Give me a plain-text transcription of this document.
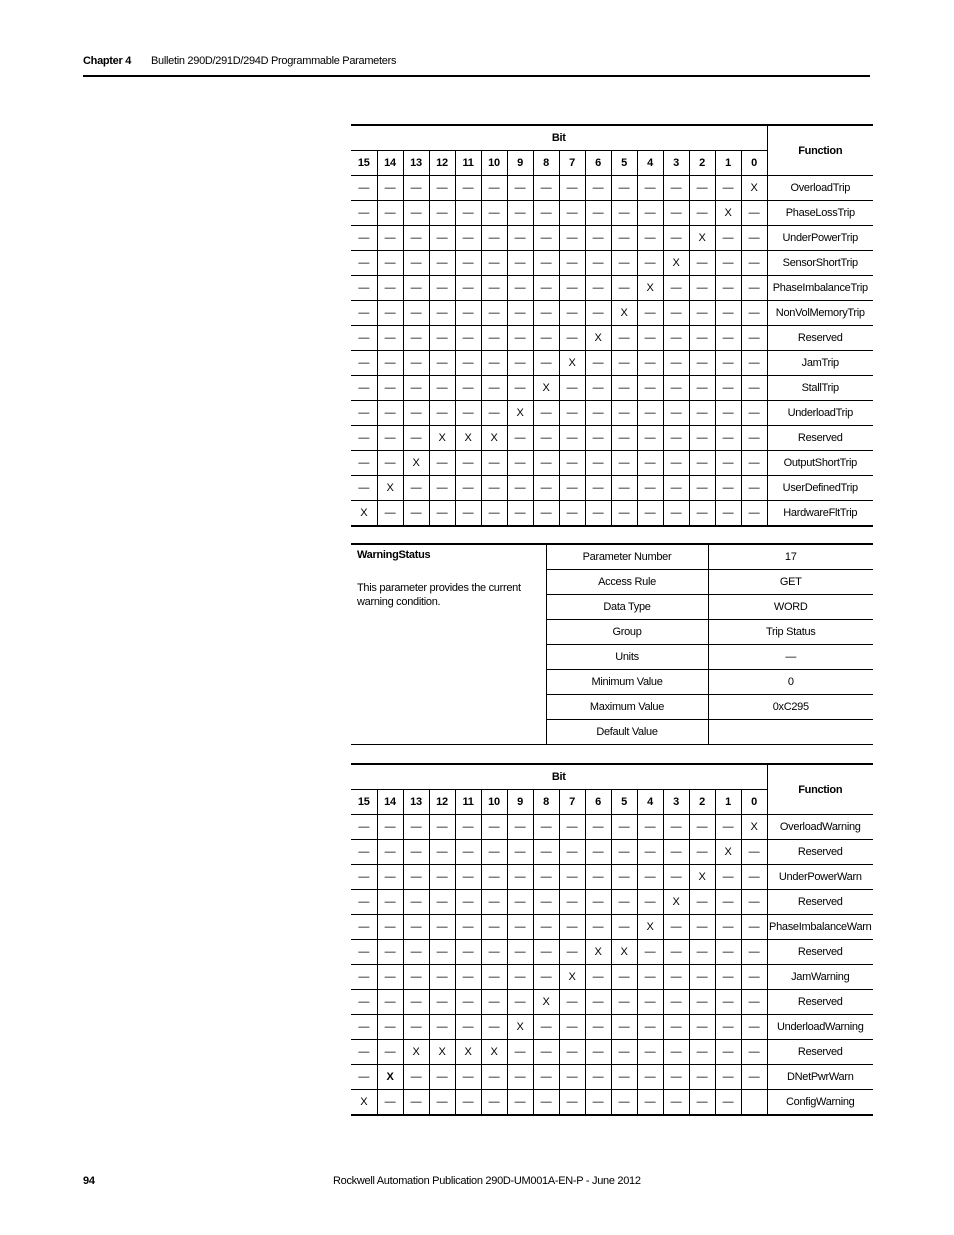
Chapter 4 Bulletin 290D/291D/294D Programmable Parameters
Bit																Function
15	14	13	12	11	10	9	8	7	6	5	4	3	2	1	0	
—	—	—	—	—	—	—	—	—	—	—	—	—	—	—	X	OverloadTrip
—	—	—	—	—	—	—	—	—	—	—	—	—	—	X	—	PhaseLossTrip
—	—	—	—	—	—	—	—	—	—	—	—	—	X	—	—	UnderPowerTrip
—	—	—	—	—	—	—	—	—	—	—	—	X	—	—	—	SensorShortTrip
—	—	—	—	—	—	—	—	—	—	—	X	—	—	—	—	PhaseImbalanceTrip
—	—	—	—	—	—	—	—	—	—	X	—	—	—	—	—	NonVolMemoryTrip
—	—	—	—	—	—	—	—	—	X	—	—	—	—	—	—	Reserved
—	—	—	—	—	—	—	—	X	—	—	—	—	—	—	—	JamTrip
—	—	—	—	—	—	—	X	—	—	—	—	—	—	—	—	StallTrip
—	—	—	—	—	—	X	—	—	—	—	—	—	—	—	—	UnderloadTrip
—	—	—	X	X	X	—	—	—	—	—	—	—	—	—	—	Reserved
—	—	X	—	—	—	—	—	—	—	—	—	—	—	—	—	OutputShortTrip
—	X	—	—	—	—	—	—	—	—	—	—	—	—	—	—	UserDefinedTrip
X	—	—	—	—	—	—	—	—	—	—	—	—	—	—	—	HardwareFltTrip
WarningStatus
This parameter provides the current warning condition.	Parameter Number	17
	Access Rule	GET
	Data Type	WORD
	Group	Trip Status
	Units	—
	Minimum Value	0
	Maximum Value	0xC295
	Default Value	
Bit																Function
15	14	13	12	11	10	9	8	7	6	5	4	3	2	1	0	
—	—	—	—	—	—	—	—	—	—	—	—	—	—	—	X	OverloadWarning
—	—	—	—	—	—	—	—	—	—	—	—	—	—	X	—	Reserved
—	—	—	—	—	—	—	—	—	—	—	—	—	X	—	—	UnderPowerWarn
—	—	—	—	—	—	—	—	—	—	—	—	X	—	—	—	Reserved
—	—	—	—	—	—	—	—	—	—	—	X	—	—	—	—	PhaseImbalanceWarn
—	—	—	—	—	—	—	—	—	X	X	—	—	—	—	—	Reserved
—	—	—	—	—	—	—	—	X	—	—	—	—	—	—	—	JamWarning
—	—	—	—	—	—	—	X	—	—	—	—	—	—	—	—	Reserved
—	—	—	—	—	—	X	—	—	—	—	—	—	—	—	—	UnderloadWarning
—	—	X	X	X	X	—	—	—	—	—	—	—	—	—	—	Reserved
—	X	—	—	—	—	—	—	—	—	—	—	—	—	—	—	DNetPwrWarn
X	—	—	—	—	—	—	—	—	—	—	—	—	—	—		ConfigWarning
94	Rockwell Automation Publication 290D-UM001A-EN-P - June 2012
